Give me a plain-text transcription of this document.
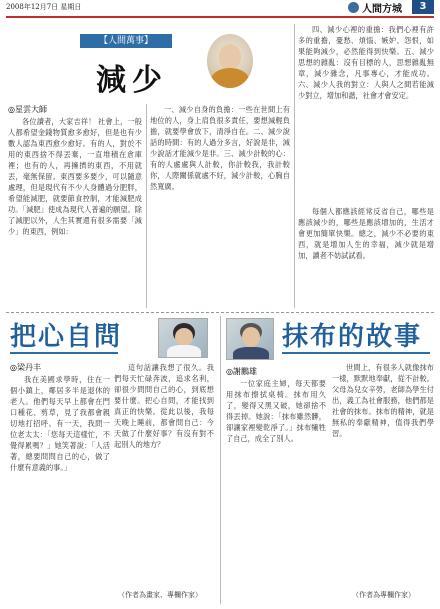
2008年12月7日 星期日	人間方城	3
【人間萬事】
減少
◎星雲大師

各位讀者，大家吉祥！ 社會上，一般人都希望金錢物質愈多愈好，但是也有少數人認為東西愈少愈好。有的人，對於不用的東西捨不得丟棄，一直堆積在倉庫裡；也有的人，再擁擠的東西，不用就丟，毫無保留。東西要多要少，可以隨意處理，但是現代有不少人身體過分肥胖，希望能減肥，就要節食控制，才能減肥成功。「減肥」使成為現代人普遍的願望。除了減肥以外，人生其實還有很多需要「減少」的東西，例如：

一、減少自身的負擔：一些在世間上有地位的人，身上肩負很多責任，要想減輕負擔，就要學會放下，清淨自在。二、減少說話的時間：有的人過分多言，好說是非，減少說話才能減少是非。三、減少計較的心：有的人處處與人計較，你計較我，我計較你，人際關係就處不好，減少計較，心胸自然寬廣。

四、減少心裡的重擔：我們心裡有許多的重擔，憂愁、煩惱、嫉妒、怨恨，如果能夠減少，必然能得到快樂。五、減少思想的雜亂：沒有目標的人，思想雜亂無章，減少雜念，凡事專心，才能成功。六、減少人我的對立：人與人之間若能減少對立，增加和諧，社會才會安定。

每個人都應該經常反省自己，哪些是應該減少的，哪些是應該增加的，生活才會更加簡單快樂。總之，減少不必要的東西，就是增加人生的幸福，減少就是增加，讀者不妨試試看。

把心自問
◎梁丹丰

我在美國求學時，住在一個小鎮上，鄰居多半是退休的老人。他們每天早上都會在門口種花、剪草，見了我都會親切地打招呼。有一天，我問一位老太太：「您每天這樣忙，不覺得累嗎？」她笑著說：「人活著，總要問問自己的心，做了什麼有意義的事。」

這句話讓我想了很久。我們每天忙碌奔波，追求名利，卻很少問問自己的心，到底想要什麼。把心自問，才能找到真正的快樂。從此以後，我每天晚上睡前，都會問自己：今天做了什麼好事？有沒有對不起別人的地方？

（作者為畫家、專欄作家）
抹布的故事
◎謝鵬雄

一位家庭主婦，每天都要用抹布擦拭桌椅。抹布用久了，變得又黑又破，她卻捨不得丟掉。她說：「抹布雖然髒，卻讓家裡變乾淨了。」抹布犧牲了自己，成全了別人。

世間上，有很多人就像抹布一樣，默默地奉獻，從不計較。父母為兒女辛勞，老師為學生付出，義工為社會服務，他們都是社會的抹布。抹布的精神，就是無私的奉獻精神，值得我們學習。

（作者為專欄作家）
